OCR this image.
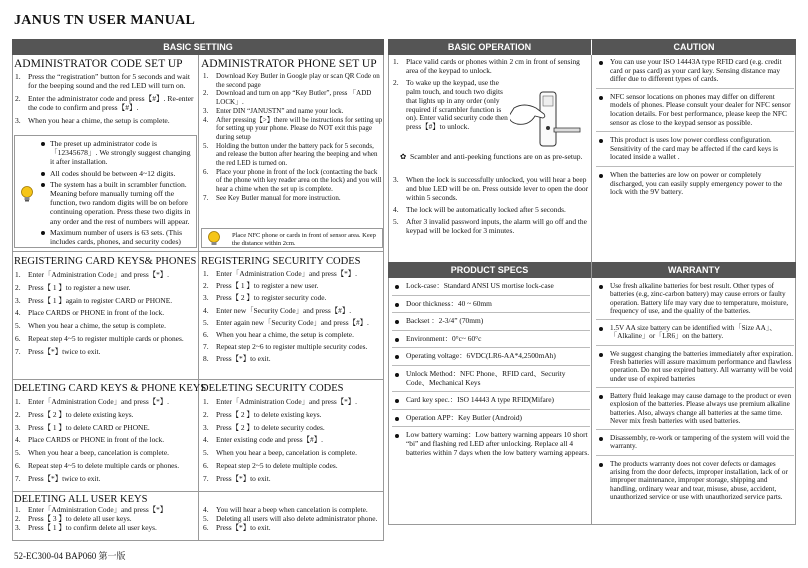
JANUS TN USER MANUAL
BASIC SETTING	BASIC OPERATION	CAUTION
PRODUCT SPECS	WARRANTY
ADMINISTRATOR CODE SET UP
1. Press the “registration” button for 5 seconds and wait for the beeping sound and the red LED will turn on.
2. Enter the administrator code and press【#】. Re-enter the code to confirm and press【#】.
3. When you hear a chime, the setup is complete.
The preset up administrator code is 「12345678」. We strongly suggest changing it after installation.
All codes should be between 4~12 digits.
The system has a built in scrambler function. Meaning before manually turning off the function, two random digits will be on before continuing operation. Press these two digits in any order and the rest of numbers will appear.
Maximum number of users is 63 sets. (This includes cards, phones, and security codes)
ADMINISTRATOR PHONE SET UP
1. Download Key Butler in Google play or scan QR Code on the second page
2. Download and turn on app “Key Butler”, press 「ADD LOCK」.
3. Enter DIN “JANUSTN” and name your lock.
4. After pressing【>】there will be instructions for setting up for setting up your phone. Please do NOT exit this page during setup
5. Holding the button under the battery pack for 5 seconds, and release the button after hearing the beeping and when the red LED is turned on.
6. Place your phone in front of the lock (contacting the back of the phone with key reader area on the lock) and you will hear a chime when the set up is complete.
7. See Key Butler manual for more instruction.
Place NFC phone or cards in front of sensor area. Keep the distance within 2cm.
REGISTERING CARD KEYS& PHONES
1. Enter「Administration Code」and press【*】.
2. Press【 1 】to register a new user.
3. Press【 1 】again to register CARD or PHONE.
4. Place CARDS or PHONE in front of the lock.
5. When you hear a chime, the setup is complete.
6. Repeat step 4~5 to register multiple cards or phones.
7. Press【*】twice to exit.
REGISTERING SECURITY CODES
1. Enter「Administration Code」and press【*】.
2. Press【 1 】to register a new user.
3. Press【 2 】to register security code.
4. Enter new「Security Code」and press【#】.
5. Enter again new「Security Code」and press【#】.
6. When you hear a chime, the setup is complete.
7. Repeat step 2~6 to register multiple security codes.
8. Press【*】to exit.
DELETING CARD KEYS & PHONE KEYS
1. Enter「Administration Code」and press【*】.
2. Press【 2 】to delete existing keys.
3. Press【 1 】to delete CARD or PHONE.
4. Place CARDS or PHONE in front of the lock.
5. When you hear a beep, cancelation is complete.
6. Repeat step 4~5 to delete multiple cards or phones.
7. Press【*】twice to exit.
DELETING SECURITY CODES
1. Enter「Administration Code」and press【*】.
2. Press【 2 】to delete existing keys.
3. Press【 2 】to delete security codes.
4. Enter existing code and press【#】.
5. When you hear a beep, cancelation is complete.
6. Repeat step 2~5 to delete multiple codes.
7. Press【*】to exit.
DELETING ALL USER KEYS
1. Enter「Administration Code」and press【*】
2. Press【 3 】to delete all user keys.
3. Press【 1 】to confirm delete all user keys.
4. You will hear a beep when cancelation is complete.
5. Deleting all users will also delete administrator phone.
6. Press【*】to exit.
1. Place valid cards or phones within 2 cm in front of sensing area of the keypad to unlock.
2. To wake up the keypad, use the palm touch, and touch two digits that lights up in any order (only required if scrambler function is on). Enter valid security code then press【#】to unlock.
✿ Scambler and anti-peeking functions are on as pre-setup.
3. When the lock is successfully unlocked, you will hear a beep and blue LED will be on. Press outside lever to open the door within 5 seconds.
4. The lock will be automatically locked after 5 seconds.
5. After 3 invalid password inputs, the alarm will go off and the keypad will be locked for 3 minutes.
You can use your ISO 14443A type RFID card (e.g. credit card or pass card) as your card key. Sensing distance may differ due to different types of cards.
NFC sensor locations on phones may differ on different models of phones. Please consult your dealer for NFC sensor location details. For best performance, please keep the NFC sensor as close to the keypad sensor as possible.
This product is uses low power cordless configuration. Sensitivity of the card may be affected if the card keys is located inside a wallet .
When the batteries are low on power or completely discharged, you can easily supply emergency power to the lock with the 9V battery.
Lock-case：Standard ANSI US mortise lock-case
Door thickness：40 ~ 60mm
Backset ：2-3/4” (70mm)
Environment：0°c~ 60°c
Operating voltage：6VDC(LR6-AA*4,2500mAh)
Unlock Method：NFC Phone、RFID card、Security Code、Mechanical Keys
Card key spec.：ISO 14443 A type RFID(Mifare)
Operation APP：Key Butler (Android)
Low battery warning：Low battery warning appears 10 short “bi” and flashing red LED after unlocking. Replace all 4 batteries within 7 days when the low battery warning appears.
Use fresh alkaline batteries for best result. Other types of batteries (e.g, zinc-carbon battery) may cause errors or faulty operation. Battery life may vary due to temperature, moisture, frequency of use, and the quality of the batteries.
1.5V AA size battery can be identified with「Size AA」、「Alkaline」or「LR6」on the battery.
We suggest changing the batteries immediately after expiration. Fresh batteries will assure maximum performance and flawless operation. Do not use expired battery. All warranty will be void under use of expired batteries
Battery fluid leakage may cause damage to the product or even explosion of the batteries. Please always use premium alkaline batteries. Also, always change all batteries at the same time. Never mix fresh batteries with used batteries.
Disassembly, re-work or tampering of the system will void the warranty.
The products warranty does not cover defects or damages arising from the door defects, improper installation, lack of or improper maintenance, improper storage, shipping and handling, ordinary wear and tear, misuse, abuse, accident, unauthorized service or use with unauthorized service parts.
52-EC300-04 BAP060 第一版
